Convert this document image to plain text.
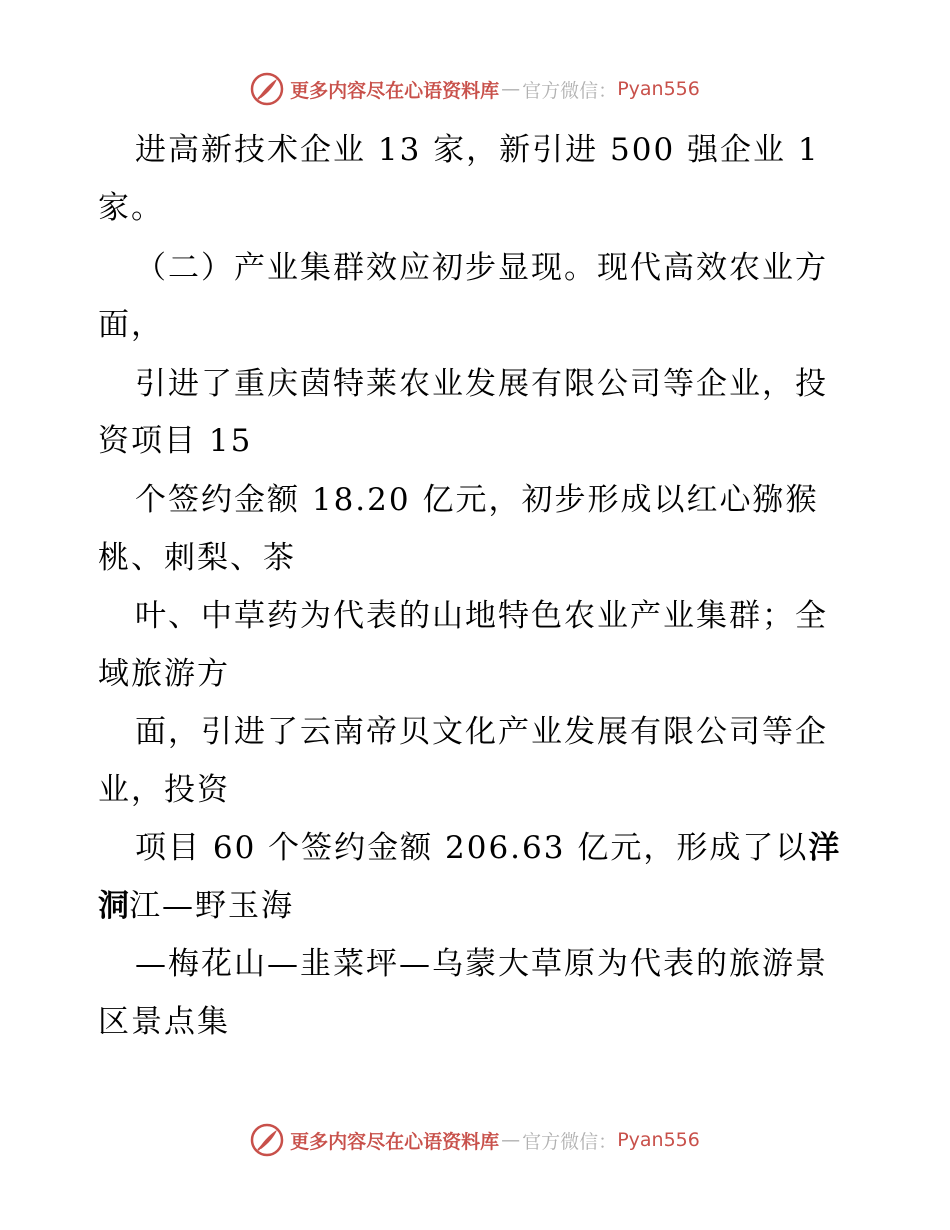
更多内容尽在心语资料库 — 官方微信： Pyan556
进高新技术企业 13 家，新引进 500 强企业 1
家。
（二）产业集群效应初步显现。现代高效农业方
面，
引进了重庆茵特莱农业发展有限公司等企业，投
资项目 15
个签约金额 18.20 亿元，初步形成以红心猕猴
桃、刺梨、茶
叶、中草药为代表的山地特色农业产业集群；全
域旅游方
面，引进了云南帝贝文化产业发展有限公司等企
业，投资
项目 60 个签约金额 206.63 亿元，形成了以洋
洞江—野玉海
—梅花山—韭菜坪—乌蒙大草原为代表的旅游景
区景点集
更多内容尽在心语资料库 — 官方微信： Pyan556
